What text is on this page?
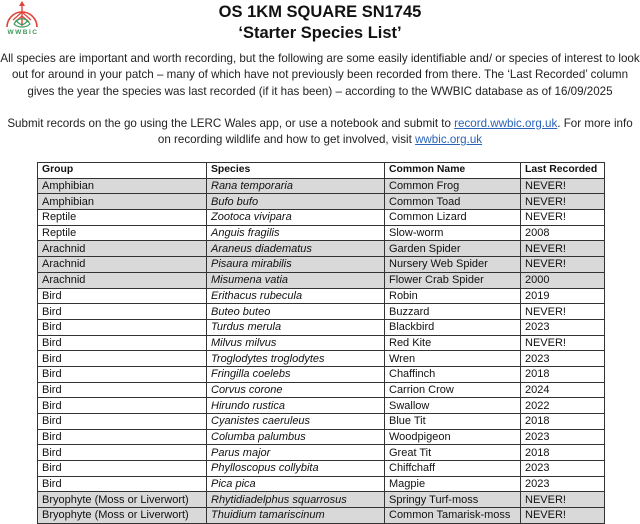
WWBIC
OS 1KM SQUARE SN1745
‘Starter Species List’
All species are important and worth recording, but the following are some easily identifiable and/ or species of interest to look out for around in your patch – many of which have not previously been recorded from there. The ‘Last Recorded’ column gives the year the species was last recorded (if it has been) – according to the WWBIC database as of 16/09/2025
Submit records on the go using the LERC Wales app, or use a notebook and submit to record.wwbic.org.uk. For more info on recording wildlife and how to get involved, visit wwbic.org.uk
Group	Species	Common Name	Last Recorded
Amphibian	Rana temporaria	Common Frog	NEVER!
Amphibian	Bufo bufo	Common Toad	NEVER!
Reptile	Zootoca vivipara	Common Lizard	NEVER!
Reptile	Anguis fragilis	Slow-worm	2008
Arachnid	Araneus diadematus	Garden Spider	NEVER!
Arachnid	Pisaura mirabilis	Nursery Web Spider	NEVER!
Arachnid	Misumena vatia	Flower Crab Spider	2000
Bird	Erithacus rubecula	Robin	2019
Bird	Buteo buteo	Buzzard	NEVER!
Bird	Turdus merula	Blackbird	2023
Bird	Milvus milvus	Red Kite	NEVER!
Bird	Troglodytes troglodytes	Wren	2023
Bird	Fringilla coelebs	Chaffinch	2018
Bird	Corvus corone	Carrion Crow	2024
Bird	Hirundo rustica	Swallow	2022
Bird	Cyanistes caeruleus	Blue Tit	2018
Bird	Columba palumbus	Woodpigeon	2023
Bird	Parus major	Great Tit	2018
Bird	Phylloscopus collybita	Chiffchaff	2023
Bird	Pica pica	Magpie	2023
Bryophyte (Moss or Liverwort)	Rhytidiadelphus squarrosus	Springy Turf-moss	NEVER!
Bryophyte (Moss or Liverwort)	Thuidium tamariscinum	Common Tamarisk-moss	NEVER!
